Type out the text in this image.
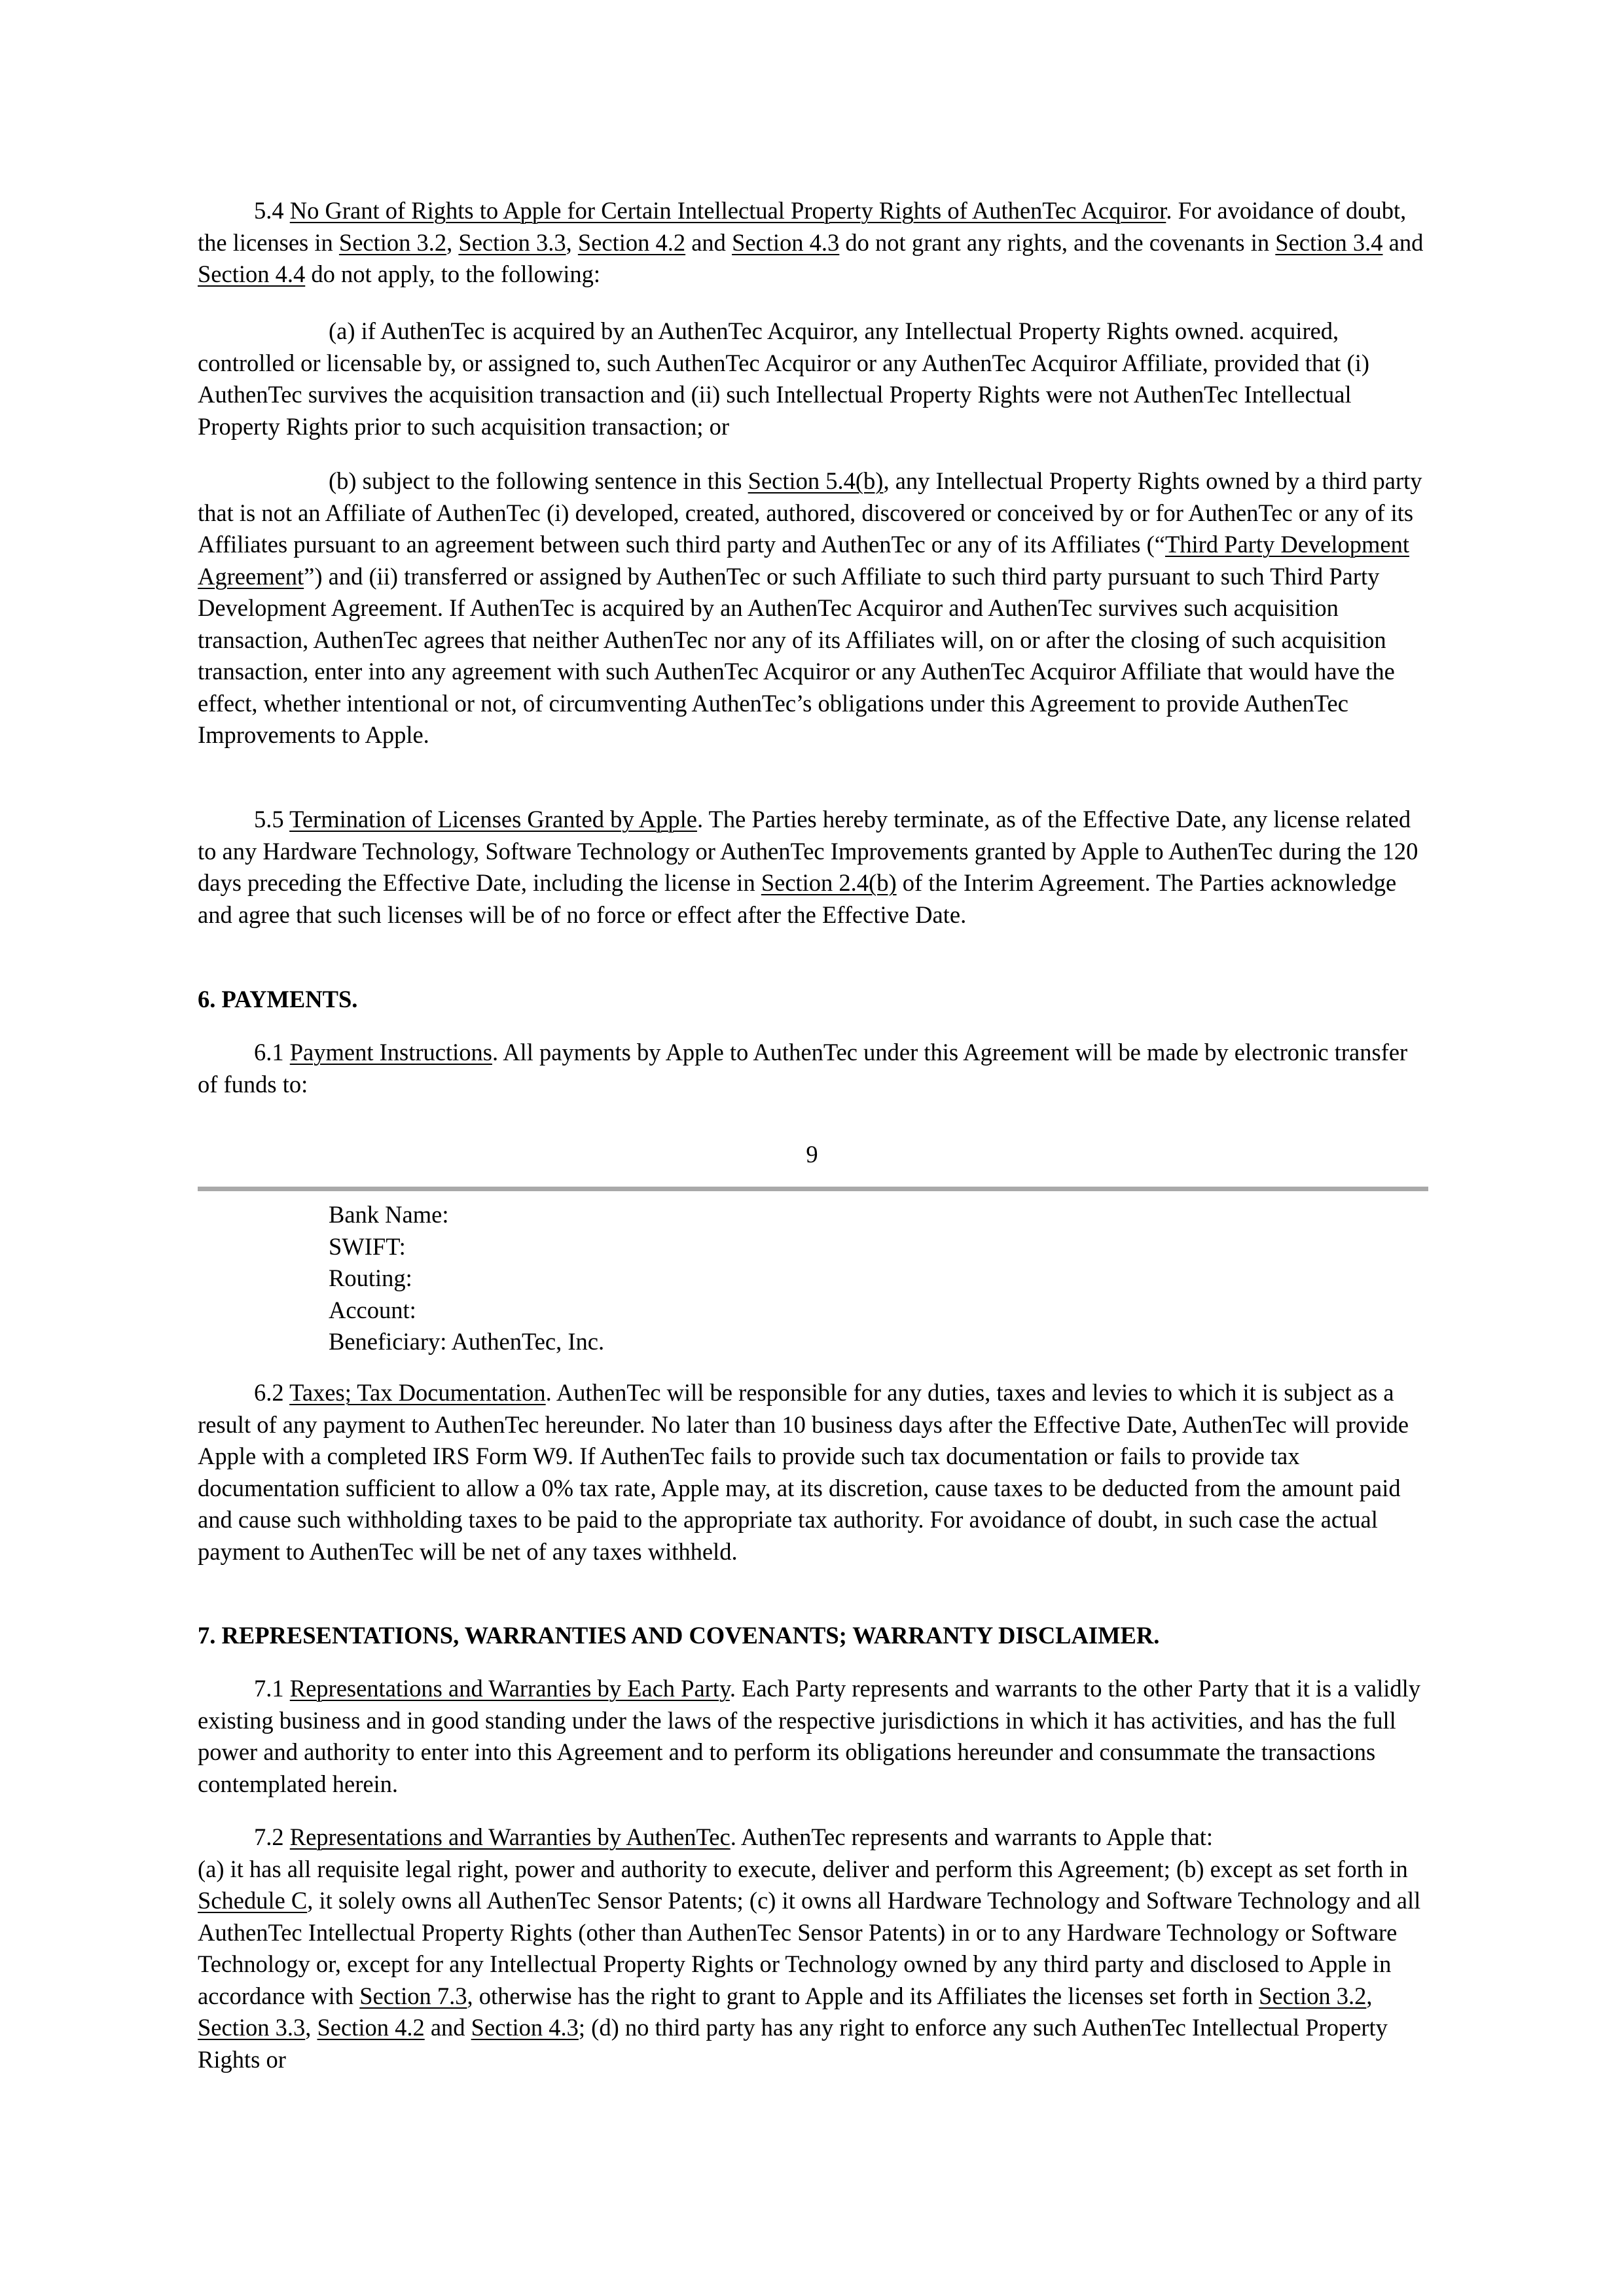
5.4 No Grant of Rights to Apple for Certain Intellectual Property Rights of AuthenTec Acquiror. For avoidance of doubt, the licenses in Section 3.2, Section 3.3, Section 4.2 and Section 4.3 do not grant any rights, and the covenants in Section 3.4 and Section 4.4 do not apply, to the following:

(a) if AuthenTec is acquired by an AuthenTec Acquiror, any Intellectual Property Rights owned. acquired, controlled or licensable by, or assigned to, such AuthenTec Acquiror or any AuthenTec Acquiror Affiliate, provided that (i) AuthenTec survives the acquisition transaction and (ii) such Intellectual Property Rights were not AuthenTec Intellectual Property Rights prior to such acquisition transaction; or

(b) subject to the following sentence in this Section 5.4(b), any Intellectual Property Rights owned by a third party that is not an Affiliate of AuthenTec (i) developed, created, authored, discovered or conceived by or for AuthenTec or any of its Affiliates pursuant to an agreement between such third party and AuthenTec or any of its Affiliates (“Third Party Development Agreement”) and (ii) transferred or assigned by AuthenTec or such Affiliate to such third party pursuant to such Third Party Development Agreement. If AuthenTec is acquired by an AuthenTec Acquiror and AuthenTec survives such acquisition transaction, AuthenTec agrees that neither AuthenTec nor any of its Affiliates will, on or after the closing of such acquisition transaction, enter into any agreement with such AuthenTec Acquiror or any AuthenTec Acquiror Affiliate that would have the effect, whether intentional or not, of circumventing AuthenTec’s obligations under this Agreement to provide AuthenTec Improvements to Apple.

5.5 Termination of Licenses Granted by Apple. The Parties hereby terminate, as of the Effective Date, any license related to any Hardware Technology, Software Technology or AuthenTec Improvements granted by Apple to AuthenTec during the 120 days preceding the Effective Date, including the license in Section 2.4(b) of the Interim Agreement. The Parties acknowledge and agree that such licenses will be of no force or effect after the Effective Date.

6. PAYMENTS.

6.1 Payment Instructions. All payments by Apple to AuthenTec under this Agreement will be made by electronic transfer of funds to:

9
Bank Name:
SWIFT:
Routing:
Account:
Beneficiary: AuthenTec, Inc.

6.2 Taxes; Tax Documentation. AuthenTec will be responsible for any duties, taxes and levies to which it is subject as a result of any payment to AuthenTec hereunder. No later than 10 business days after the Effective Date, AuthenTec will provide Apple with a completed IRS Form W9. If AuthenTec fails to provide such tax documentation or fails to provide tax documentation sufficient to allow a 0% tax rate, Apple may, at its discretion, cause taxes to be deducted from the amount paid and cause such withholding taxes to be paid to the appropriate tax authority. For avoidance of doubt, in such case the actual payment to AuthenTec will be net of any taxes withheld.

7. REPRESENTATIONS, WARRANTIES AND COVENANTS; WARRANTY DISCLAIMER.

7.1 Representations and Warranties by Each Party. Each Party represents and warrants to the other Party that it is a validly existing business and in good standing under the laws of the respective jurisdictions in which it has activities, and has the full power and authority to enter into this Agreement and to perform its obligations hereunder and consummate the transactions contemplated herein.

7.2 Representations and Warranties by AuthenTec. AuthenTec represents and warrants to Apple that:

(a) it has all requisite legal right, power and authority to execute, deliver and perform this Agreement; (b) except as set forth in Schedule C, it solely owns all AuthenTec Sensor Patents; (c) it owns all Hardware Technology and Software Technology and all AuthenTec Intellectual Property Rights (other than AuthenTec Sensor Patents) in or to any Hardware Technology or Software Technology or, except for any Intellectual Property Rights or Technology owned by any third party and disclosed to Apple in accordance with Section 7.3, otherwise has the right to grant to Apple and its Affiliates the licenses set forth in Section 3.2, Section 3.3, Section 4.2 and Section 4.3; (d) no third party has any right to enforce any such AuthenTec Intellectual Property Rights or
